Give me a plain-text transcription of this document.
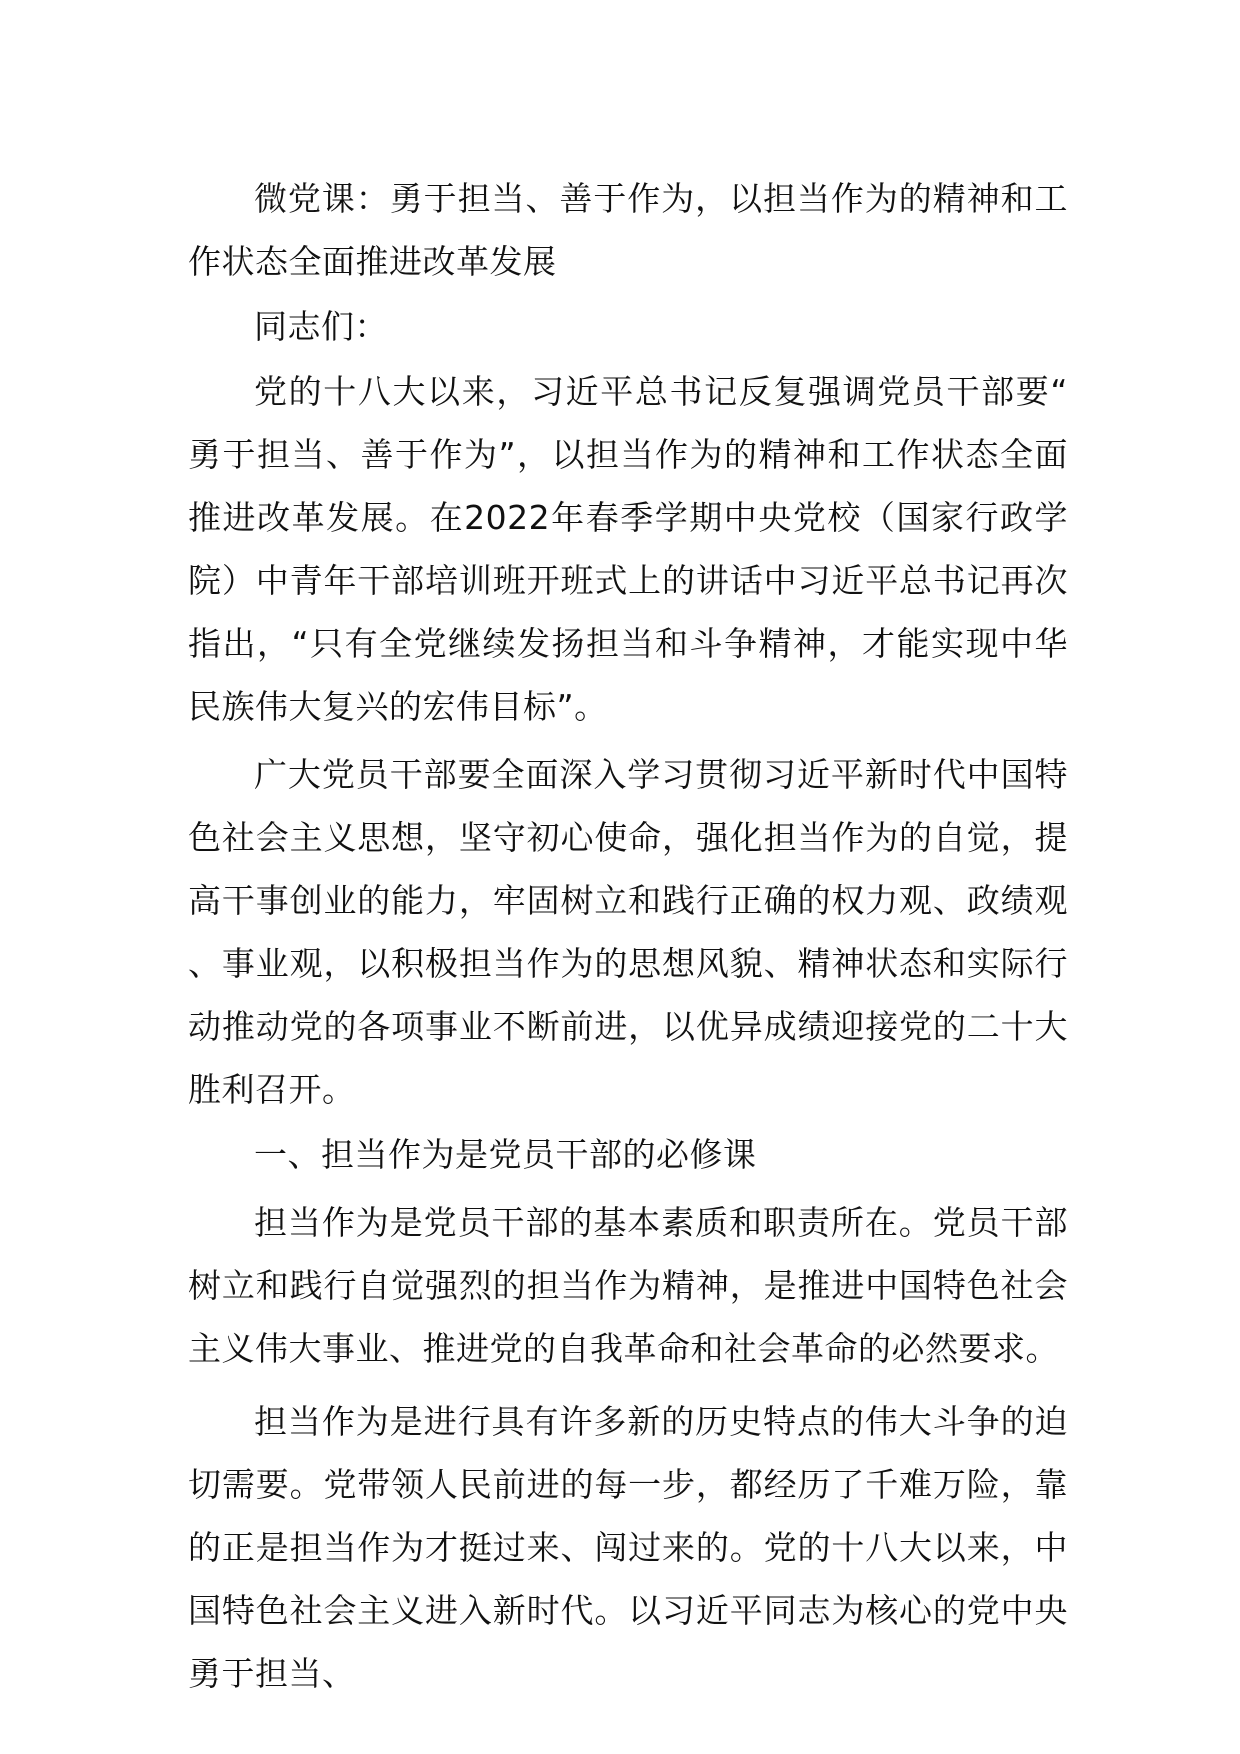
微党课：勇于担当、善于作为，以担当作为的精神和工作状态全面推进改革发展

同志们：

党的十八大以来，习近平总书记反复强调党员干部要“勇于担当、善于作为”，以担当作为的精神和工作状态全面推进改革发展。在2022年春季学期中央党校（国家行政学院）中青年干部培训班开班式上的讲话中习近平总书记再次指出，“只有全党继续发扬担当和斗争精神，才能实现中华民族伟大复兴的宏伟目标”。

广大党员干部要全面深入学习贯彻习近平新时代中国特色社会主义思想，坚守初心使命，强化担当作为的自觉，提高干事创业的能力，牢固树立和践行正确的权力观、政绩观、事业观，以积极担当作为的思想风貌、精神状态和实际行动推动党的各项事业不断前进，以优异成绩迎接党的二十大胜利召开。

一、担当作为是党员干部的必修课

担当作为是党员干部的基本素质和职责所在。党员干部树立和践行自觉强烈的担当作为精神，是推进中国特色社会主义伟大事业、推进党的自我革命和社会革命的必然要求。

担当作为是进行具有许多新的历史特点的伟大斗争的迫切需要。党带领人民前进的每一步，都经历了千难万险，靠的正是担当作为才挺过来、闯过来的。党的十八大以来，中国特色社会主义进入新时代。以习近平同志为核心的党中央勇于担当、
